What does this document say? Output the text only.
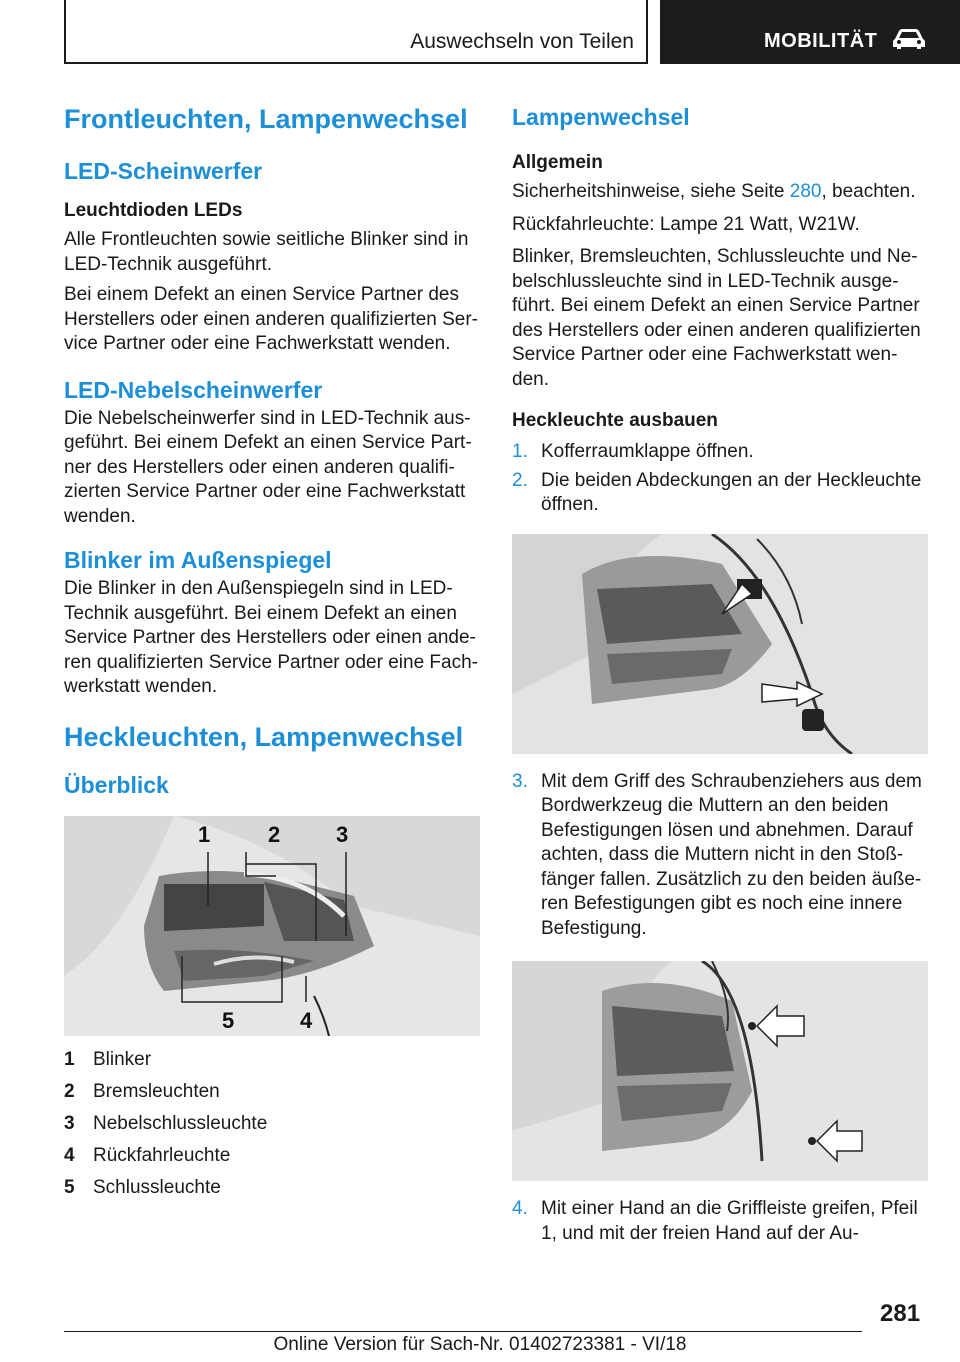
Auswechseln von Teilen	MOBILITÄT
Frontleuchten, Lampenwechsel
LED-Scheinwerfer
Leuchtdioden LEDs

Alle Frontleuchten sowie seitliche Blinker sind in LED-Technik ausgeführt.

Bei einem Defekt an einen Service Partner des Herstellers oder einen anderen qualifizierten Ser-vice Partner oder eine Fachwerkstatt wenden.

LED-Nebelscheinwerfer

Die Nebelscheinwerfer sind in LED-Technik aus-geführt. Bei einem Defekt an einen Service Part-ner des Herstellers oder einen anderen qualifi-zierten Service Partner oder eine Fachwerkstatt wenden.

Blinker im Außenspiegel

Die Blinker in den Außenspiegeln sind in LED-Technik ausgeführt. Bei einem Defekt an einen Service Partner des Herstellers oder einen ande-ren qualifizierten Service Partner oder eine Fach-werkstatt wenden.

Heckleuchten, Lampenwechsel
Überblick
1	2	3
4
5
1 Blinker
2 Bremsleuchten
3 Nebelschlussleuchte
4 Rückfahrleuchte
5 Schlussleuchte
Lampenwechsel
Allgemein

Sicherheitshinweise, siehe Seite 280, beachten.

Rückfahrleuchte: Lampe 21 Watt, W21W.

Blinker, Bremsleuchten, Schlussleuchte und Ne-belschlussleuchte sind in LED-Technik ausge-führt. Bei einem Defekt an einen Service Partner des Herstellers oder einen anderen qualifizierten Service Partner oder eine Fachwerkstatt wen-den.

Heckleuchte ausbauen
1. Kofferraumklappe öffnen.
2. Die beiden Abdeckungen an der Heckleuchte öffnen.
3. Mit dem Griff des Schraubenziehers aus dem Bordwerkzeug die Muttern an den beiden Befestigungen lösen und abnehmen. Darauf achten, dass die Muttern nicht in den Stoß-fänger fallen. Zusätzlich zu den beiden äuße-ren Befestigungen gibt es noch eine innere Befestigung.
4. Mit einer Hand an die Griffleiste greifen, Pfeil 1, und mit der freien Hand auf der Au-
281
Online Version für Sach-Nr. 01402723381 - VI/18
